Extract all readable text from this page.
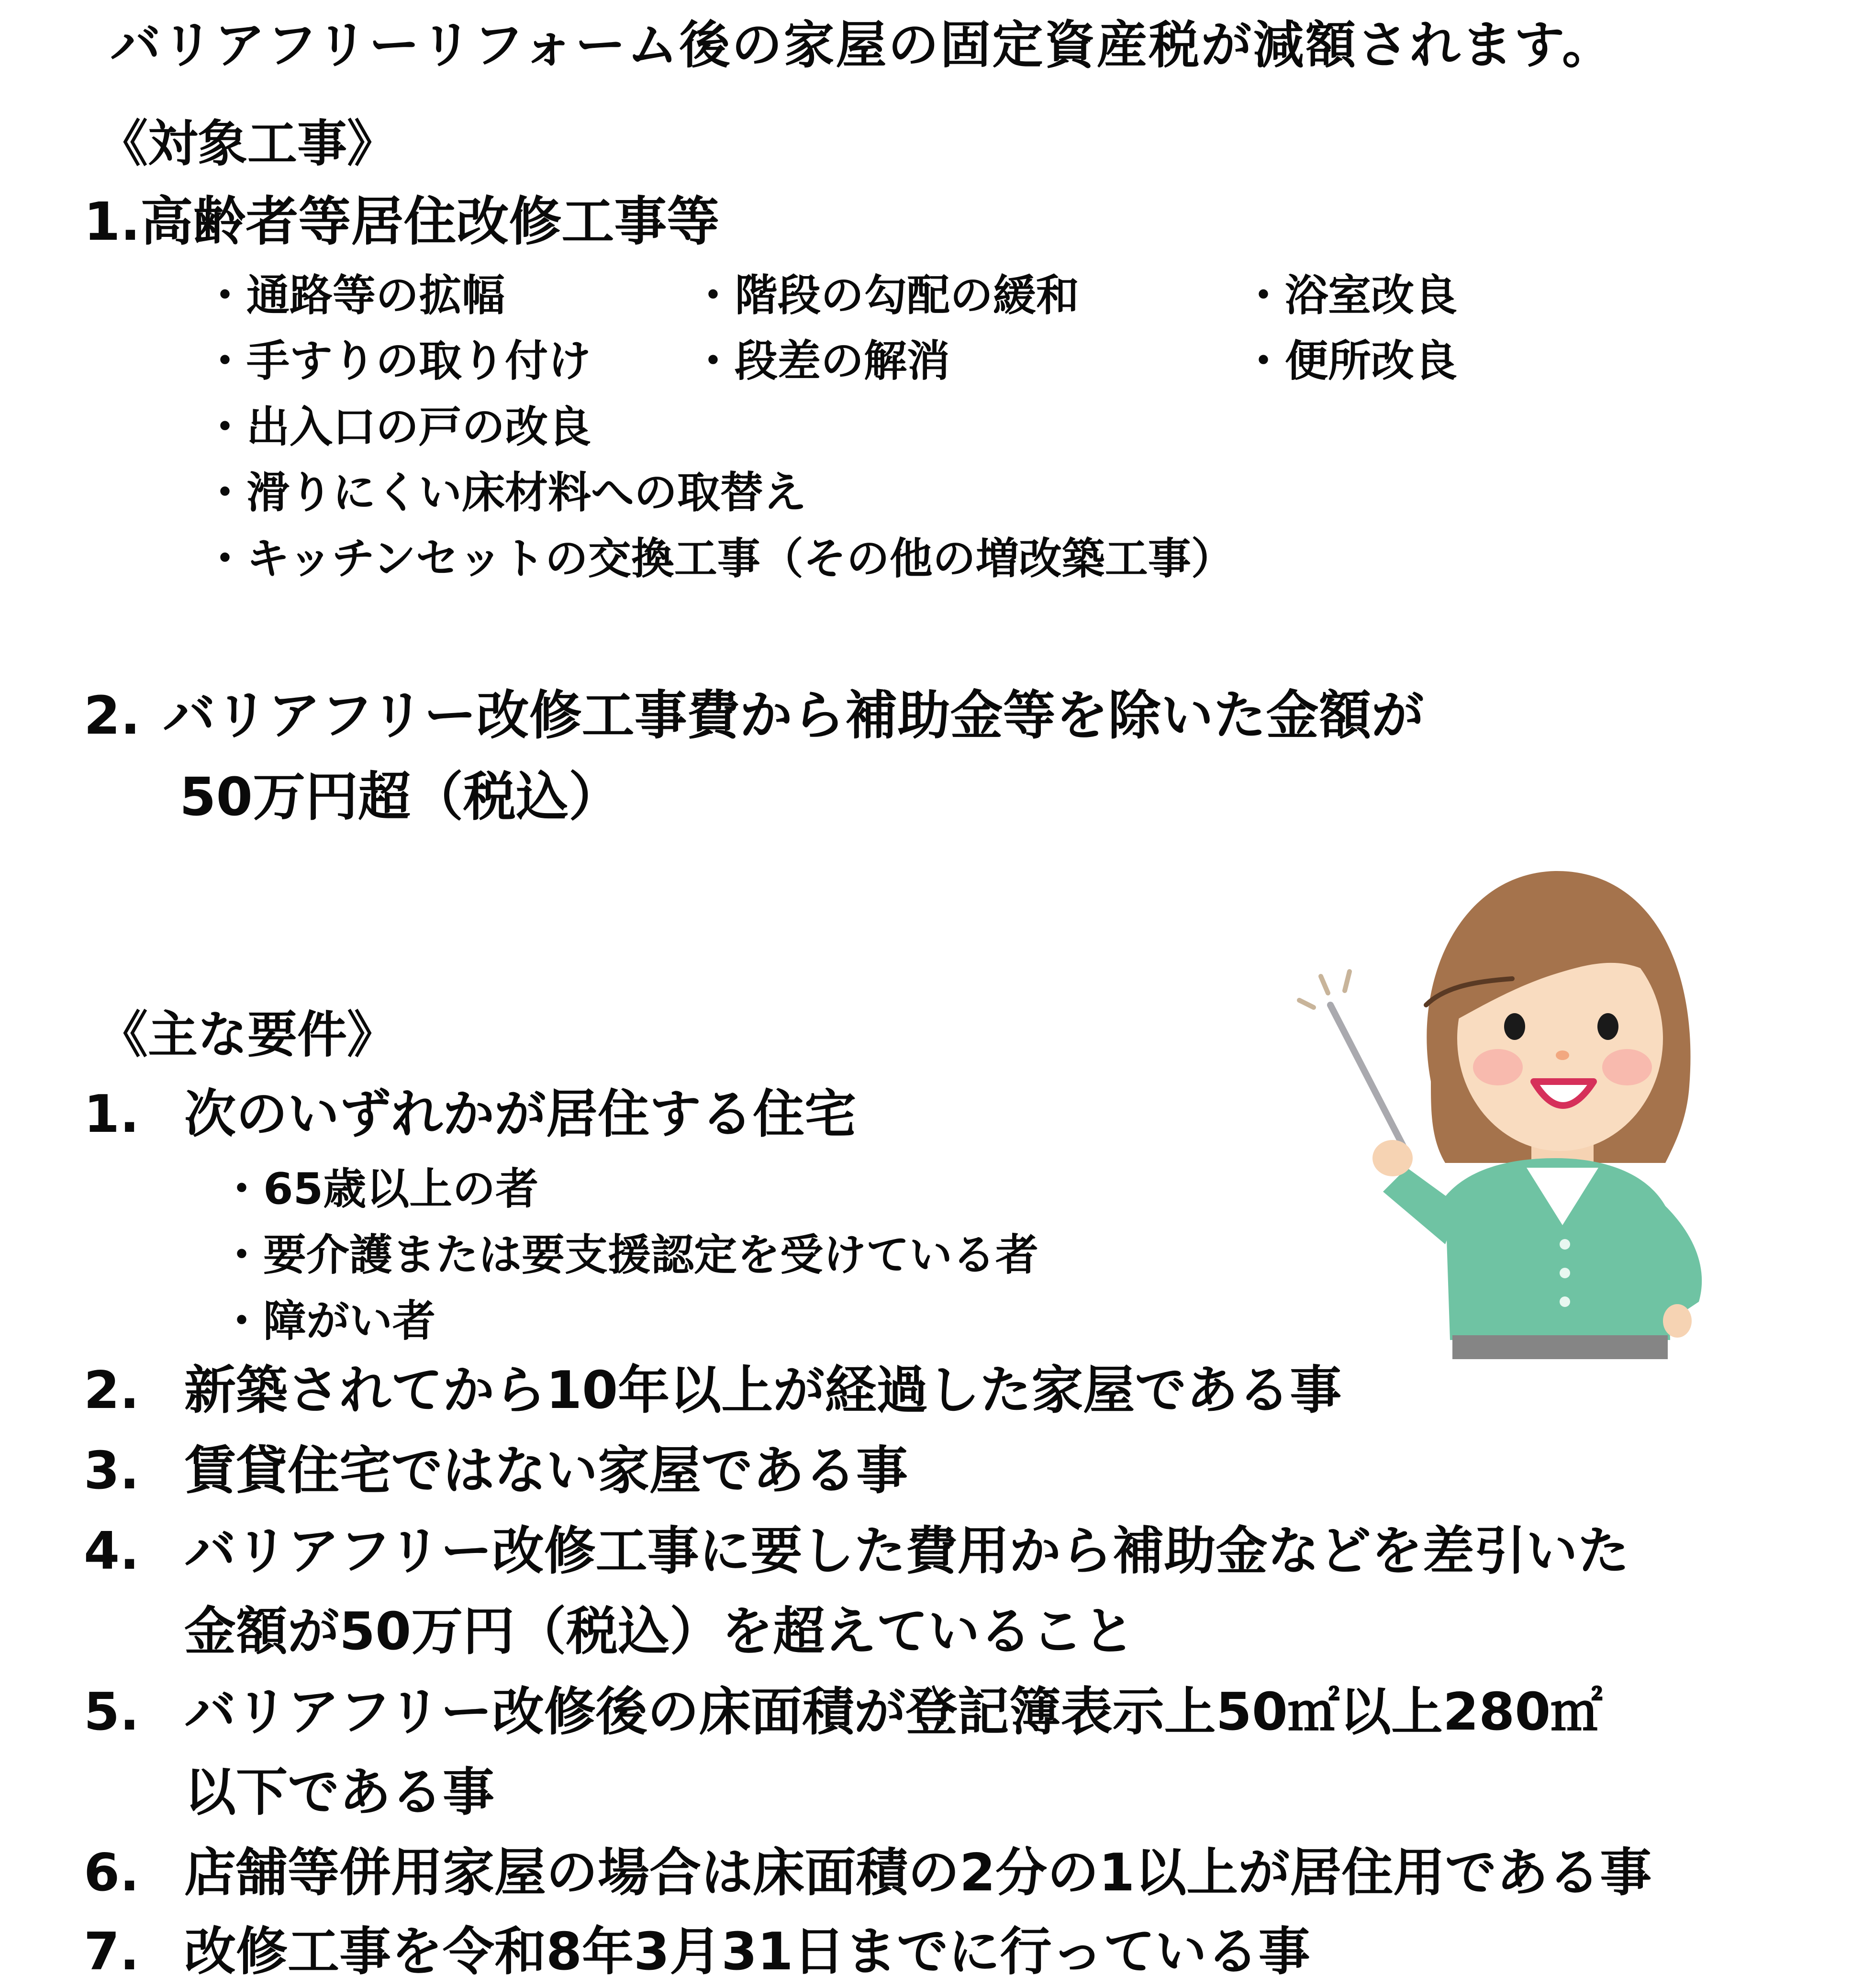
バリアフリーリフォーム後の家屋の固定資産税が減額されます。
《対象工事》
1.高齢者等居住改修工事等
・通路等の拡幅	・階段の勾配の緩和	・浴室改良
・手すりの取り付け ・段差の解消	・便所改良
・出入口の戸の改良
・滑りにくい床材料への取替え
・キッチンセットの交換工事（その他の増改築工事）
2. バリアフリー改修工事費から補助金等を除いた金額が
50万円超（税込）
《主な要件》
1. 次のいずれかが居住する住宅
・65歳以上の者
・要介護または要支援認定を受けている者
・障がい者
2. 新築されてから10年以上が経過した家屋である事
3. 賃貸住宅ではない家屋である事
4. バリアフリー改修工事に要した費用から補助金などを差引いた
金額が50万円（税込）を超えていること
5. バリアフリー改修後の床面積が登記簿表示上50㎡以上280㎡
以下である事
6. 店舗等併用家屋の場合は床面積の2分の1以上が居住用である事
7. 改修工事を令和8年3月31日までに行っている事
